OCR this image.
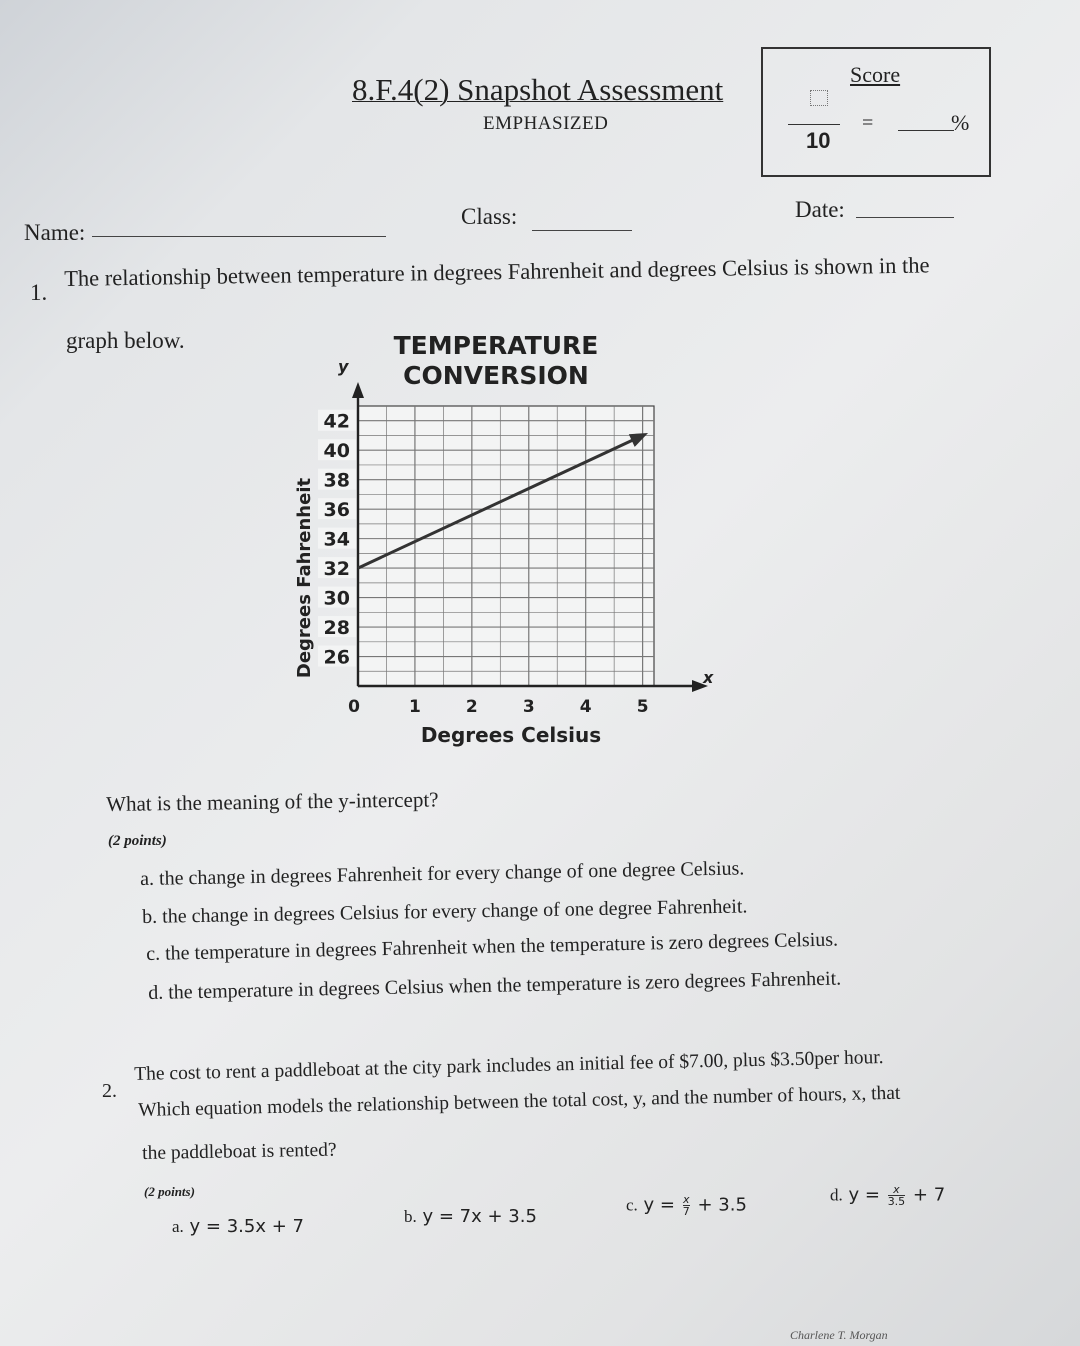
8.F.4(2) Snapshot Assessment
EMPHASIZED
Score
10
=	%
Name:
Class:	Date:
1.
The relationship between temperature in degrees Fahrenheit and degrees Celsius is shown in the
graph below.
26
28
30
32
34
36
38
40
42
1	2	3	4	5
TEMPERATURE
CONVERSION
Degrees Celsius
Degrees Fahrenheit	x
y
0
What is the meaning of the y-intercept?
(2 points)
a. the change in degrees Fahrenheit for every change of one degree Celsius.
b. the change in degrees Celsius for every change of one degree Fahrenheit.
c. the temperature in degrees Fahrenheit when the temperature is zero degrees Celsius.
d. the temperature in degrees Celsius when the temperature is zero degrees Fahrenheit.
2.
The cost to rent a paddleboat at the city park includes an initial fee of $7.00, plus $3.50per hour.
Which equation models the relationship between the total cost, y, and the number of hours, x, that
the paddleboat is rented?
(2 points)
a. y = 3.5x + 7	b. y = 7x + 3.5
c. $y = \frac{x}{7} + 3.5$	d. $y = \frac{x}{3.5} + 7$
Charlene T. Morgan
